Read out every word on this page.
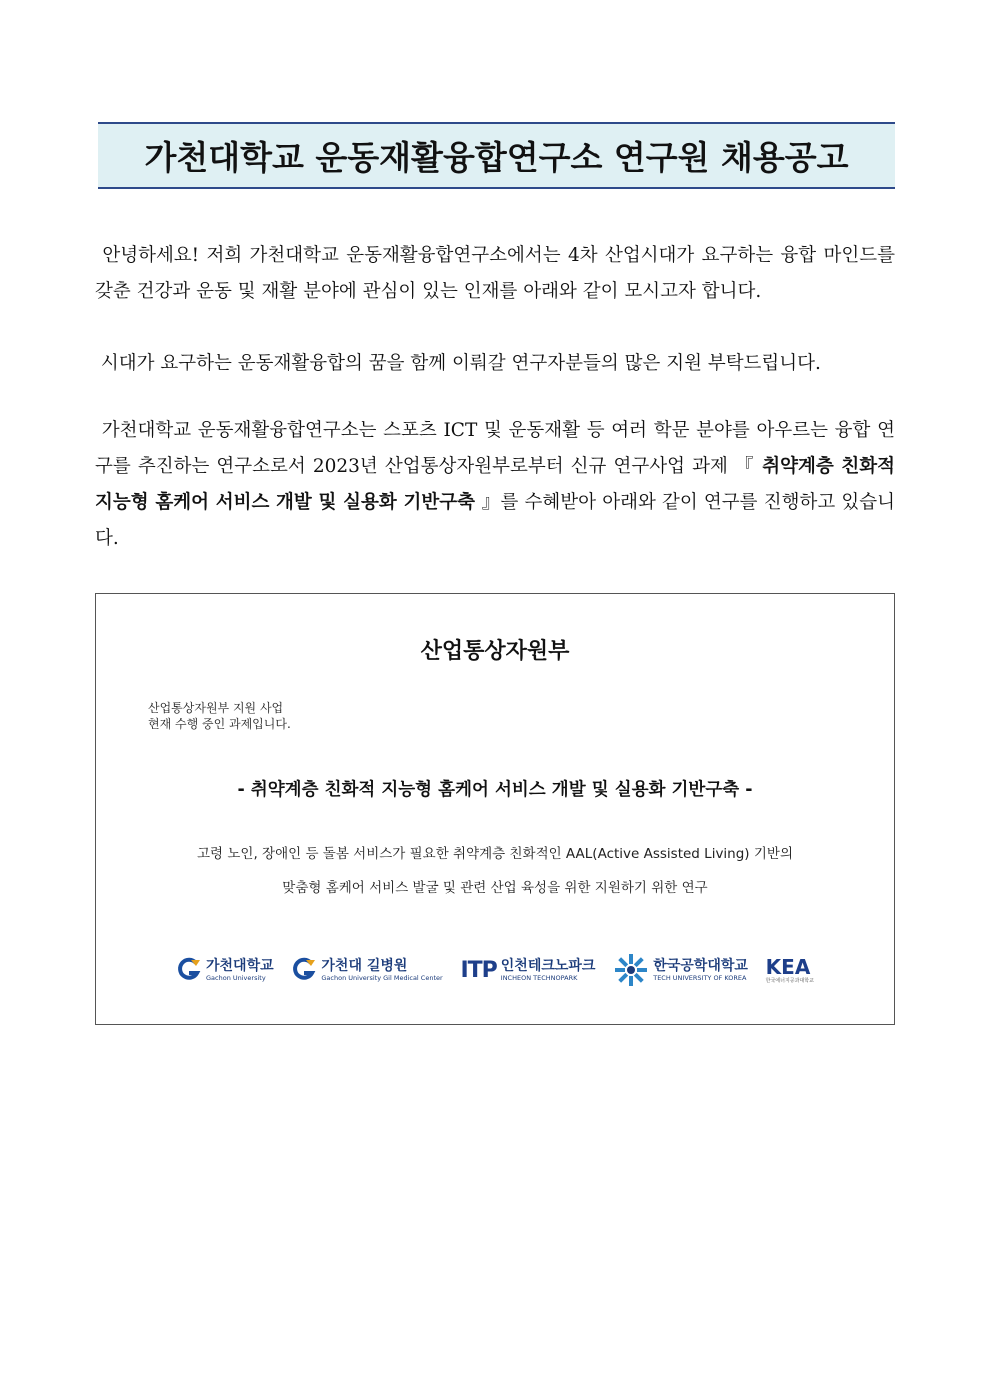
가천대학교 운동재활융합연구소 연구원 채용공고

안녕하세요! 저희 가천대학교 운동재활융합연구소에서는 4차 산업시대가 요구하는 융합 마인드를 갖춘 건강과 운동 및 재활 분야에 관심이 있는 인재를 아래와 같이 모시고자 합니다.

시대가 요구하는 운동재활융합의 꿈을 함께 이뤄갈 연구자분들의 많은 지원 부탁드립니다.

가천대학교 운동재활융합연구소는 스포츠 ICT 및 운동재활 등 여러 학문 분야를 아우르는 융합 연구를 추진하는 연구소로서 2023년 산업통상자원부로부터 신규 연구사업 과제 『 취약계층 친화적 지능형 홈케어 서비스 개발 및 실용화 기반구축 』를 수혜받아 아래와 같이 연구를 진행하고 있습니다.

산업통상자원부
산업통상자원부 지원 사업
현재 수행 중인 과제입니다.
- 취약계층 친화적 지능형 홈케어 서비스 개발 및 실용화 기반구축 -
고령 노인, 장애인 등 돌봄 서비스가 필요한 취약계층 친화적인 AAL(Active Assisted Living) 기반의
맞춤형 홈케어 서비스 발굴 및 관련 산업 육성을 위한 지원하기 위한 연구
가천대학교
Gachon University
가천대 길병원
Gachon University Gil Medical Center ITP 인천테크노파크
INCHEON TECHNOPARK
한국공학대학교
TECH UNIVERSITY OF KOREA KEA
한국에너지공과대학교
